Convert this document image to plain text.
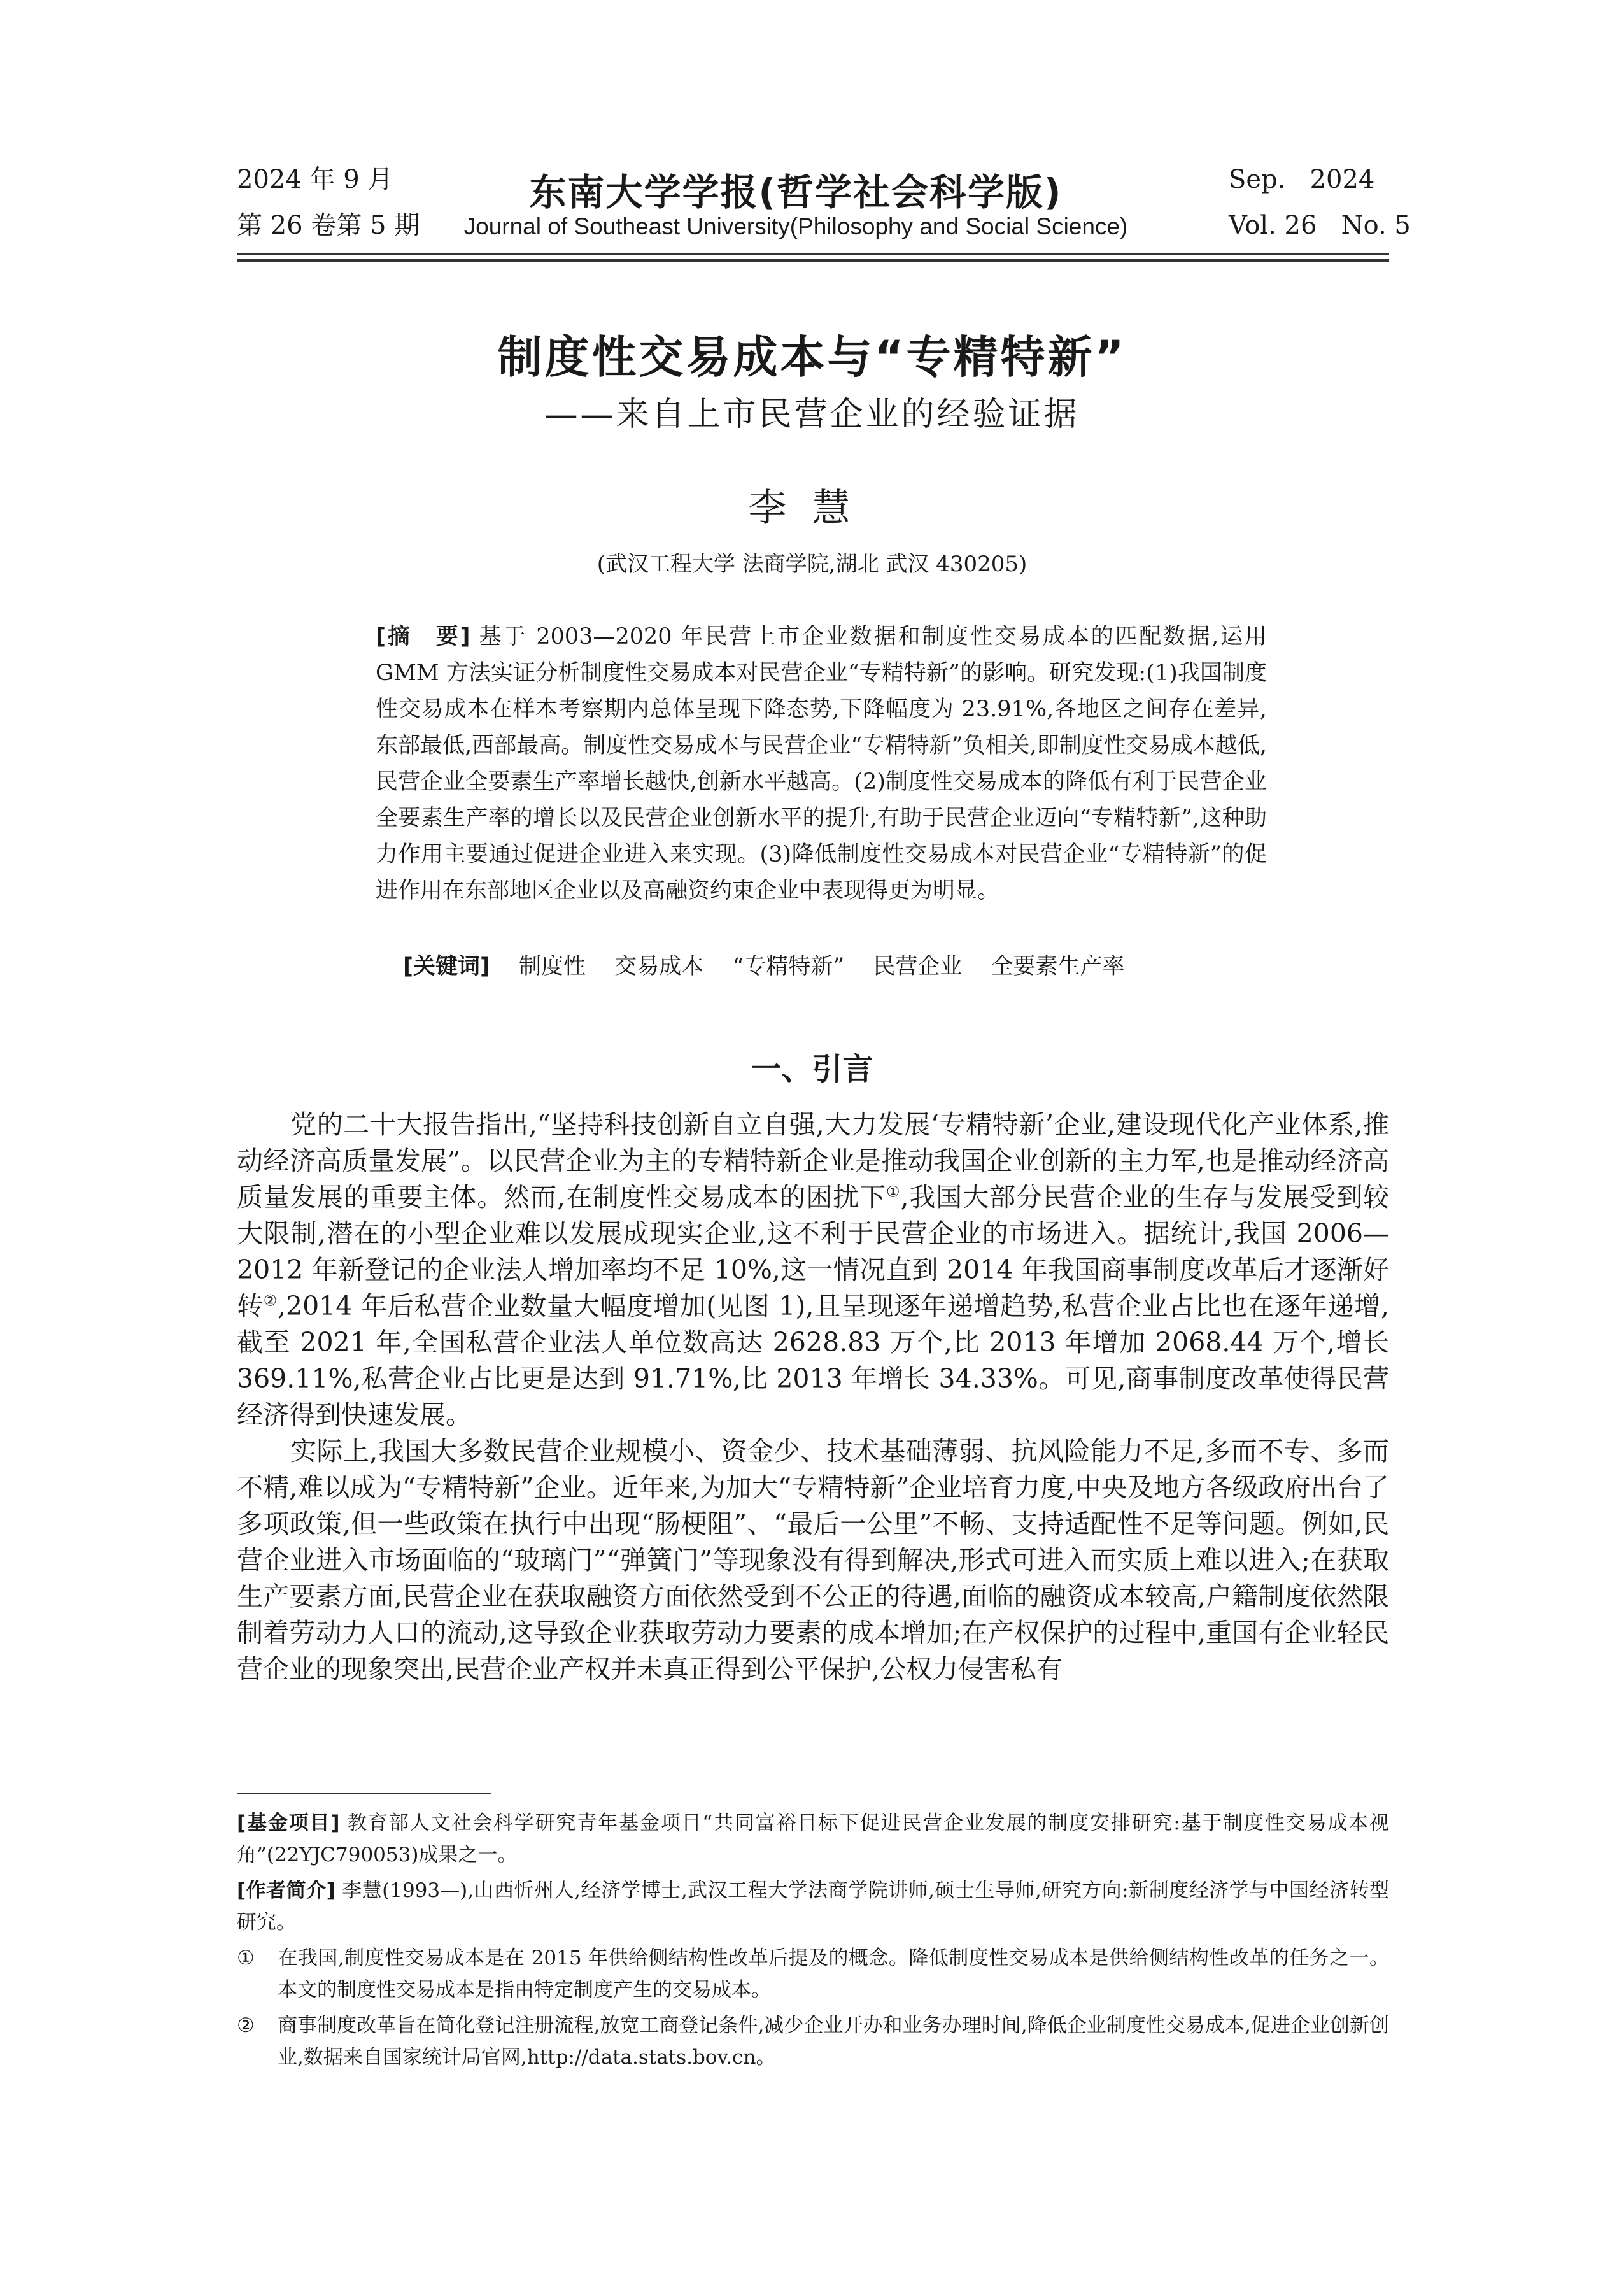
2024 年 9 月
第 26 卷第 5 期
东南大学学报(哲学社会科学版)
Journal of Southeast University(Philosophy and Social Science)
Sep.   2024
Vol. 26   No. 5
制度性交易成本与“专精特新”
——来自上市民营企业的经验证据
李慧
(武汉工程大学 法商学院,湖北 武汉 430205)
[摘　要] 基于 2003—2020 年民营上市企业数据和制度性交易成本的匹配数据,运用 GMM 方法实证分析制度性交易成本对民营企业“专精特新”的影响。研究发现:(1)我国制度性交易成本在样本考察期内总体呈现下降态势,下降幅度为 23.91%,各地区之间存在差异,东部最低,西部最高。制度性交易成本与民营企业“专精特新”负相关,即制度性交易成本越低,民营企业全要素生产率增长越快,创新水平越高。(2)制度性交易成本的降低有利于民营企业全要素生产率的增长以及民营企业创新水平的提升,有助于民营企业迈向“专精特新”,这种助力作用主要通过促进企业进入来实现。(3)降低制度性交易成本对民营企业“专精特新”的促进作用在东部地区企业以及高融资约束企业中表现得更为明显。
[关键词] 制度性 交易成本 “专精特新” 民营企业 全要素生产率
一、引言

党的二十大报告指出,“坚持科技创新自立自强,大力发展‘专精特新’企业,建设现代化产业体系,推动经济高质量发展”。以民营企业为主的专精特新企业是推动我国企业创新的主力军,也是推动经济高质量发展的重要主体。然而,在制度性交易成本的困扰下①,我国大部分民营企业的生存与发展受到较大限制,潜在的小型企业难以发展成现实企业,这不利于民营企业的市场进入。据统计,我国 2006—2012 年新登记的企业法人增加率均不足 10%,这一情况直到 2014 年我国商事制度改革后才逐渐好转②,2014 年后私营企业数量大幅度增加(见图 1),且呈现逐年递增趋势,私营企业占比也在逐年递增,截至 2021 年,全国私营企业法人单位数高达 2628.83 万个,比 2013 年增加 2068.44 万个,增长 369.11%,私营企业占比更是达到 91.71%,比 2013 年增长 34.33%。可见,商事制度改革使得民营经济得到快速发展。

实际上,我国大多数民营企业规模小、资金少、技术基础薄弱、抗风险能力不足,多而不专、多而不精,难以成为“专精特新”企业。近年来,为加大“专精特新”企业培育力度,中央及地方各级政府出台了多项政策,但一些政策在执行中出现“肠梗阻”、“最后一公里”不畅、支持适配性不足等问题。例如,民营企业进入市场面临的“玻璃门”“弹簧门”等现象没有得到解决,形式可进入而实质上难以进入;在获取生产要素方面,民营企业在获取融资方面依然受到不公正的待遇,面临的融资成本较高,户籍制度依然限制着劳动力人口的流动,这导致企业获取劳动力要素的成本增加;在产权保护的过程中,重国有企业轻民营企业的现象突出,民营企业产权并未真正得到公平保护,公权力侵害私有

[基金项目] 教育部人文社会科学研究青年基金项目“共同富裕目标下促进民营企业发展的制度安排研究:基于制度性交易成本视角”(22YJC790053)成果之一。
[作者简介] 李慧(1993—),山西忻州人,经济学博士,武汉工程大学法商学院讲师,硕士生导师,研究方向:新制度经济学与中国经济转型研究。
① 在我国,制度性交易成本是在 2015 年供给侧结构性改革后提及的概念。降低制度性交易成本是供给侧结构性改革的任务之一。本文的制度性交易成本是指由特定制度产生的交易成本。
② 商事制度改革旨在简化登记注册流程,放宽工商登记条件,减少企业开办和业务办理时间,降低企业制度性交易成本,促进企业创新创业,数据来自国家统计局官网,http://data.stats.bov.cn。
